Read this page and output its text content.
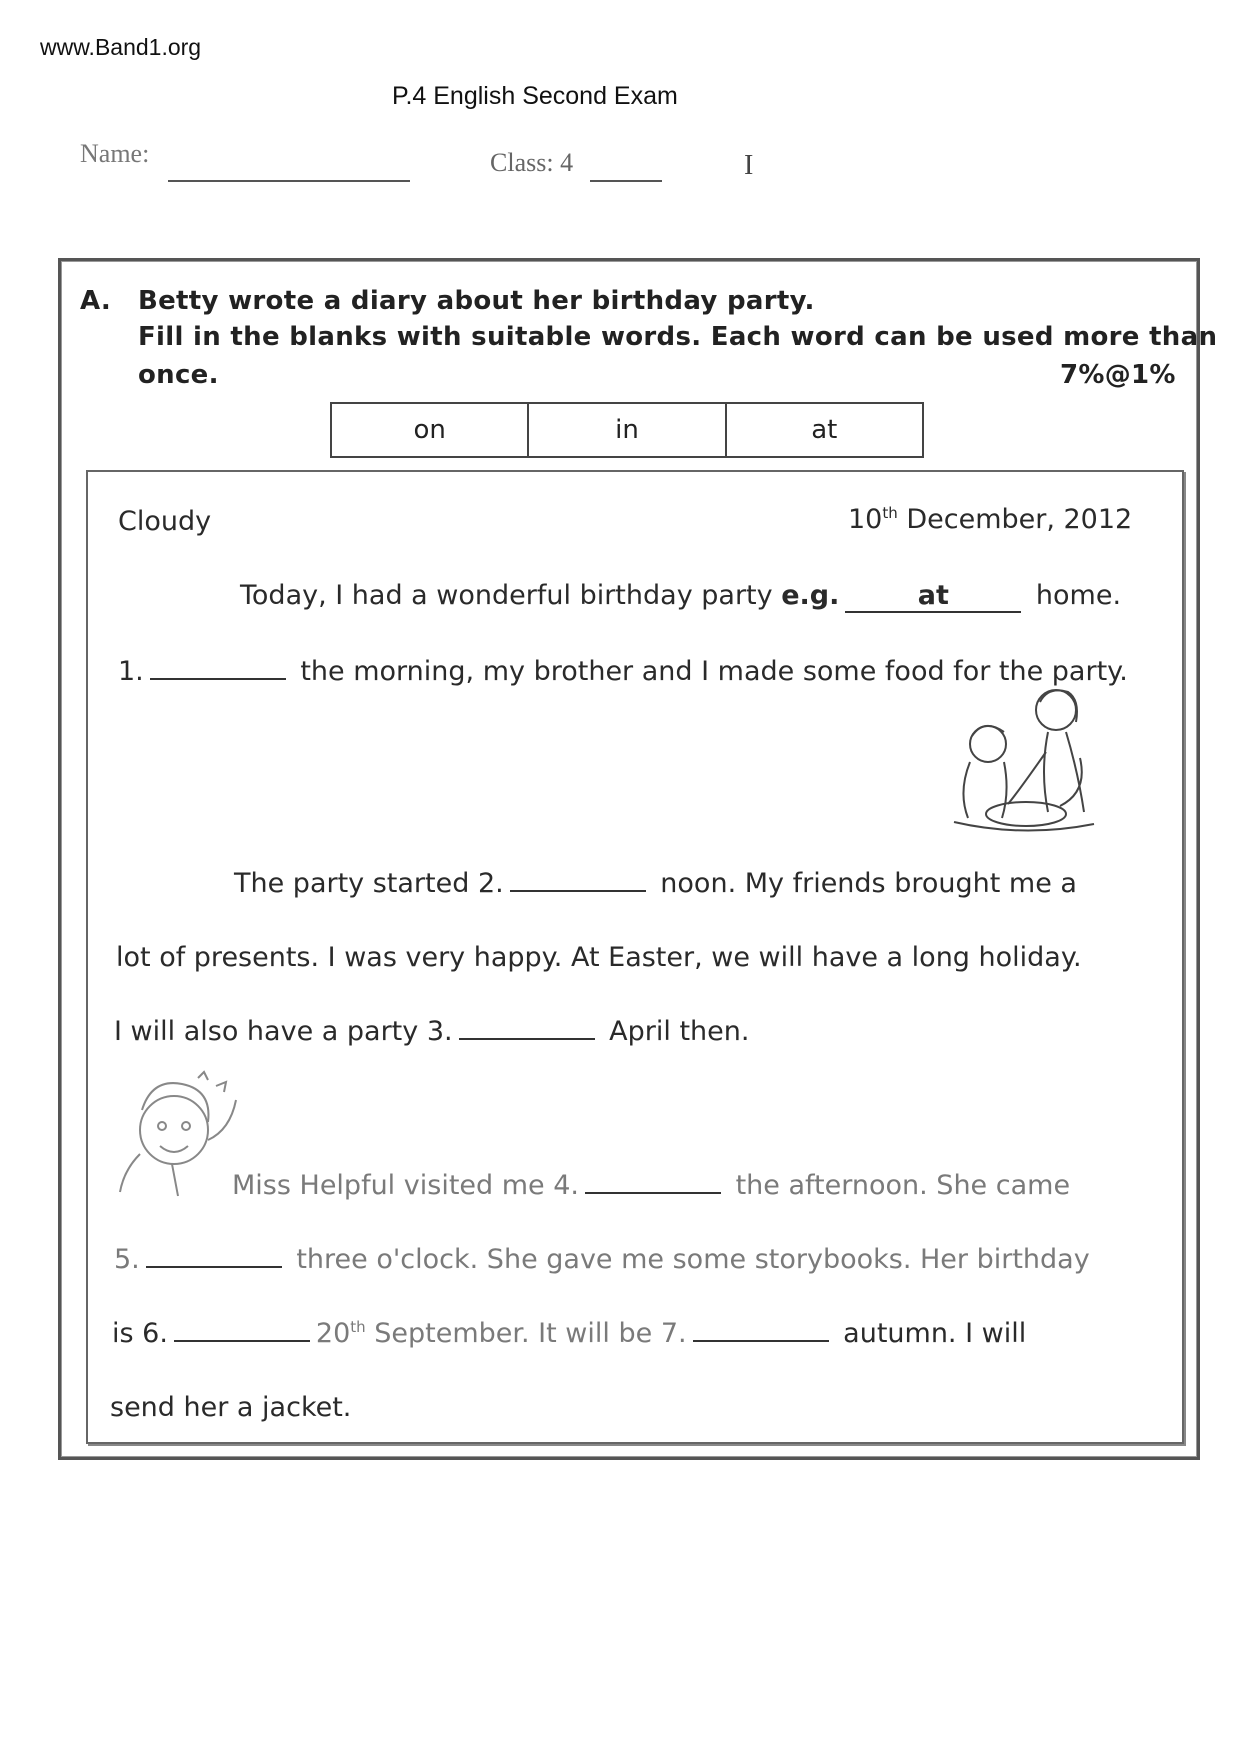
www.Band1.org
P.4 English Second Exam
Name:	Class: 4	I
A. Betty wrote a diary about her birthday party.
Fill in the blanks with suitable words. Each word can be used more than
once.	7%@1%
on	in	at
Cloudy	10th December, 2012
Today, I had a wonderful birthday party e.g.	at	home.
1.	the morning, my brother and I made some food for the party.
The party started 2.	noon. My friends brought me a
lot of presents. I was very happy. At Easter, we will have a long holiday.
I will also have a party 3.	April then.
Miss Helpful visited me 4.	the afternoon. She came
5.	three o'clock. She gave me some storybooks. Her birthday
is 6.	20th September. It will be 7.	autumn. I will
send her a jacket.
